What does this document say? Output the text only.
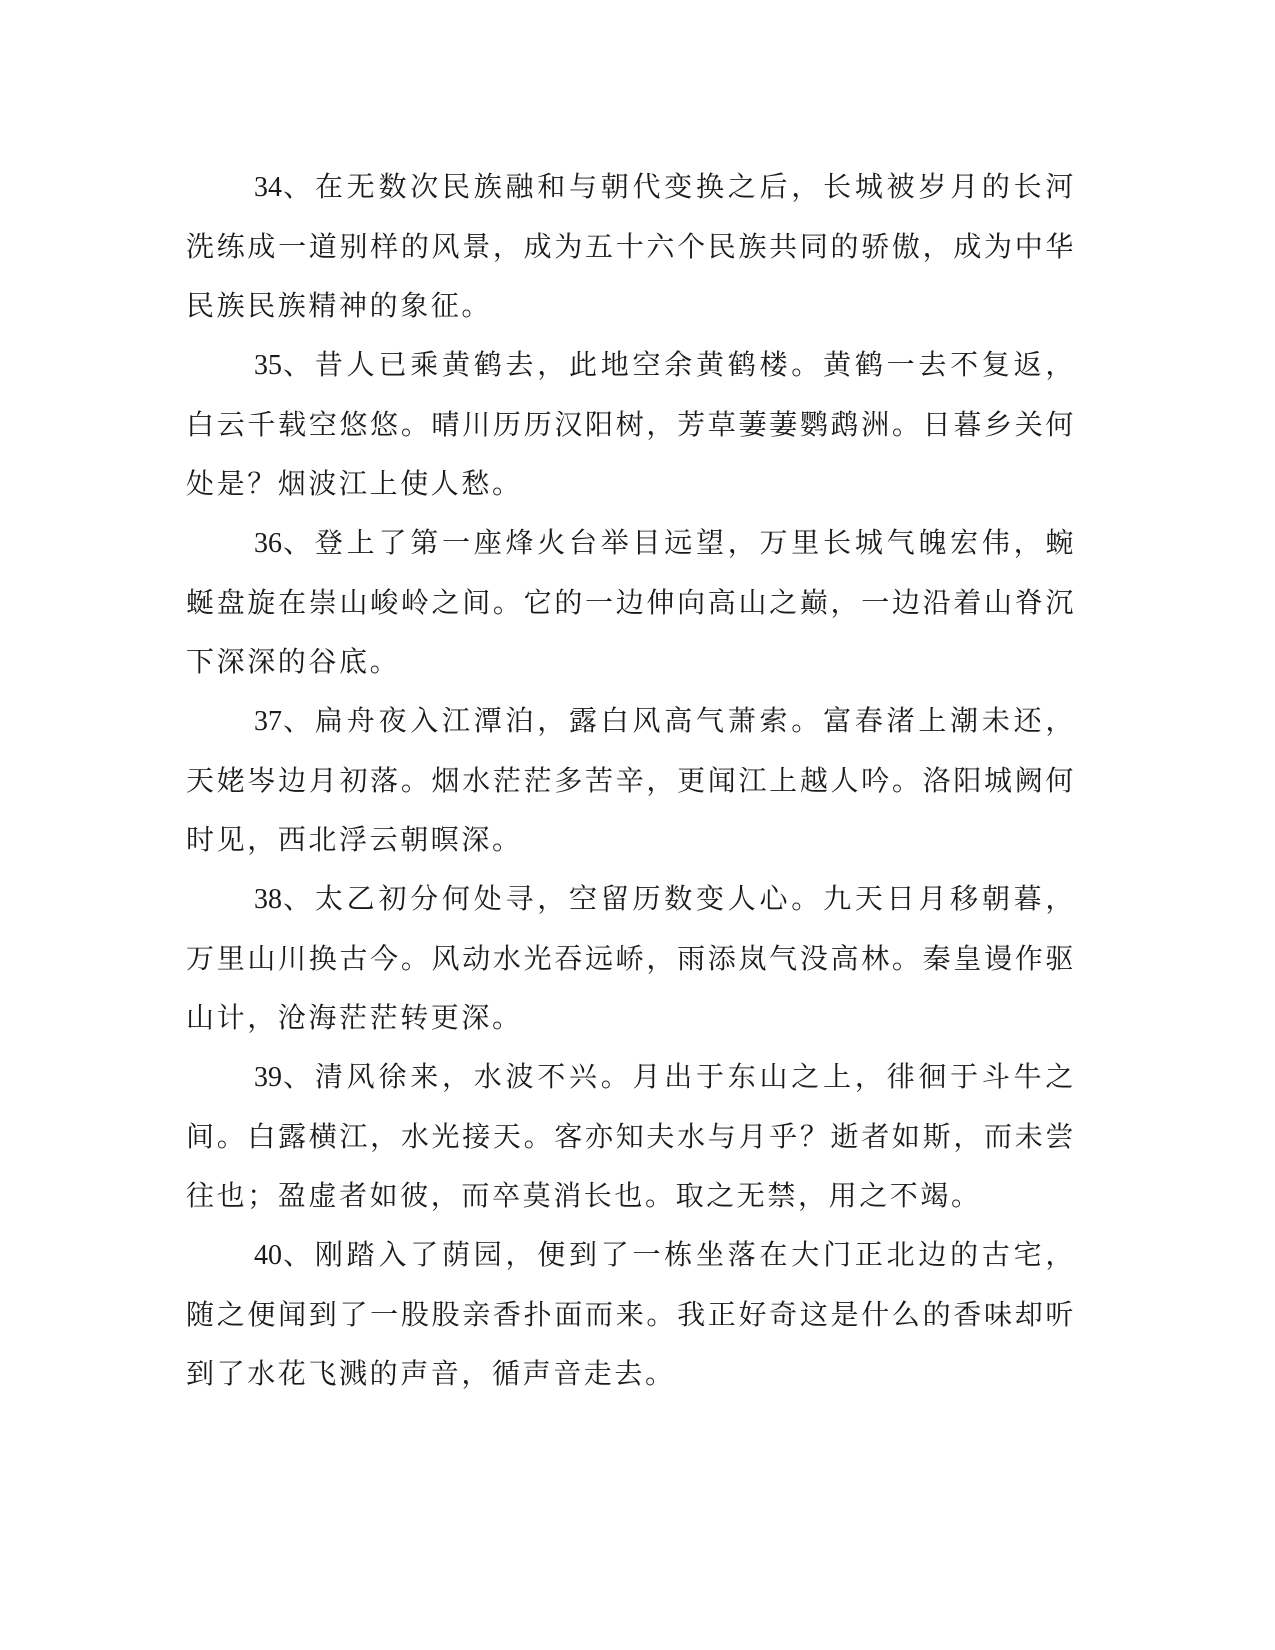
34、在无数次民族融和与朝代变换之后，长城被岁月的长河洗练成一道别样的风景，成为五十六个民族共同的骄傲，成为中华民族民族精神的象征。

35、昔人已乘黄鹤去，此地空余黄鹤楼。黄鹤一去不复返，白云千载空悠悠。晴川历历汉阳树，芳草萋萋鹦鹉洲。日暮乡关何处是？烟波江上使人愁。

36、登上了第一座烽火台举目远望，万里长城气魄宏伟，蜿蜒盘旋在崇山峻岭之间。它的一边伸向高山之巅，一边沿着山脊沉下深深的谷底。

37、扁舟夜入江潭泊，露白风高气萧索。富春渚上潮未还，天姥岑边月初落。烟水茫茫多苦辛，更闻江上越人吟。洛阳城阙何时见，西北浮云朝暝深。

38、太乙初分何处寻，空留历数变人心。九天日月移朝暮，万里山川换古今。风动水光吞远峤，雨添岚气没高林。秦皇谩作驱山计，沧海茫茫转更深。

39、清风徐来，水波不兴。月出于东山之上，徘徊于斗牛之间。白露横江，水光接天。客亦知夫水与月乎？逝者如斯，而未尝往也；盈虚者如彼，而卒莫消长也。取之无禁，用之不竭。

40、刚踏入了荫园，便到了一栋坐落在大门正北边的古宅，随之便闻到了一股股亲香扑面而来。我正好奇这是什么的香味却听到了水花飞溅的声音，循声音走去。
